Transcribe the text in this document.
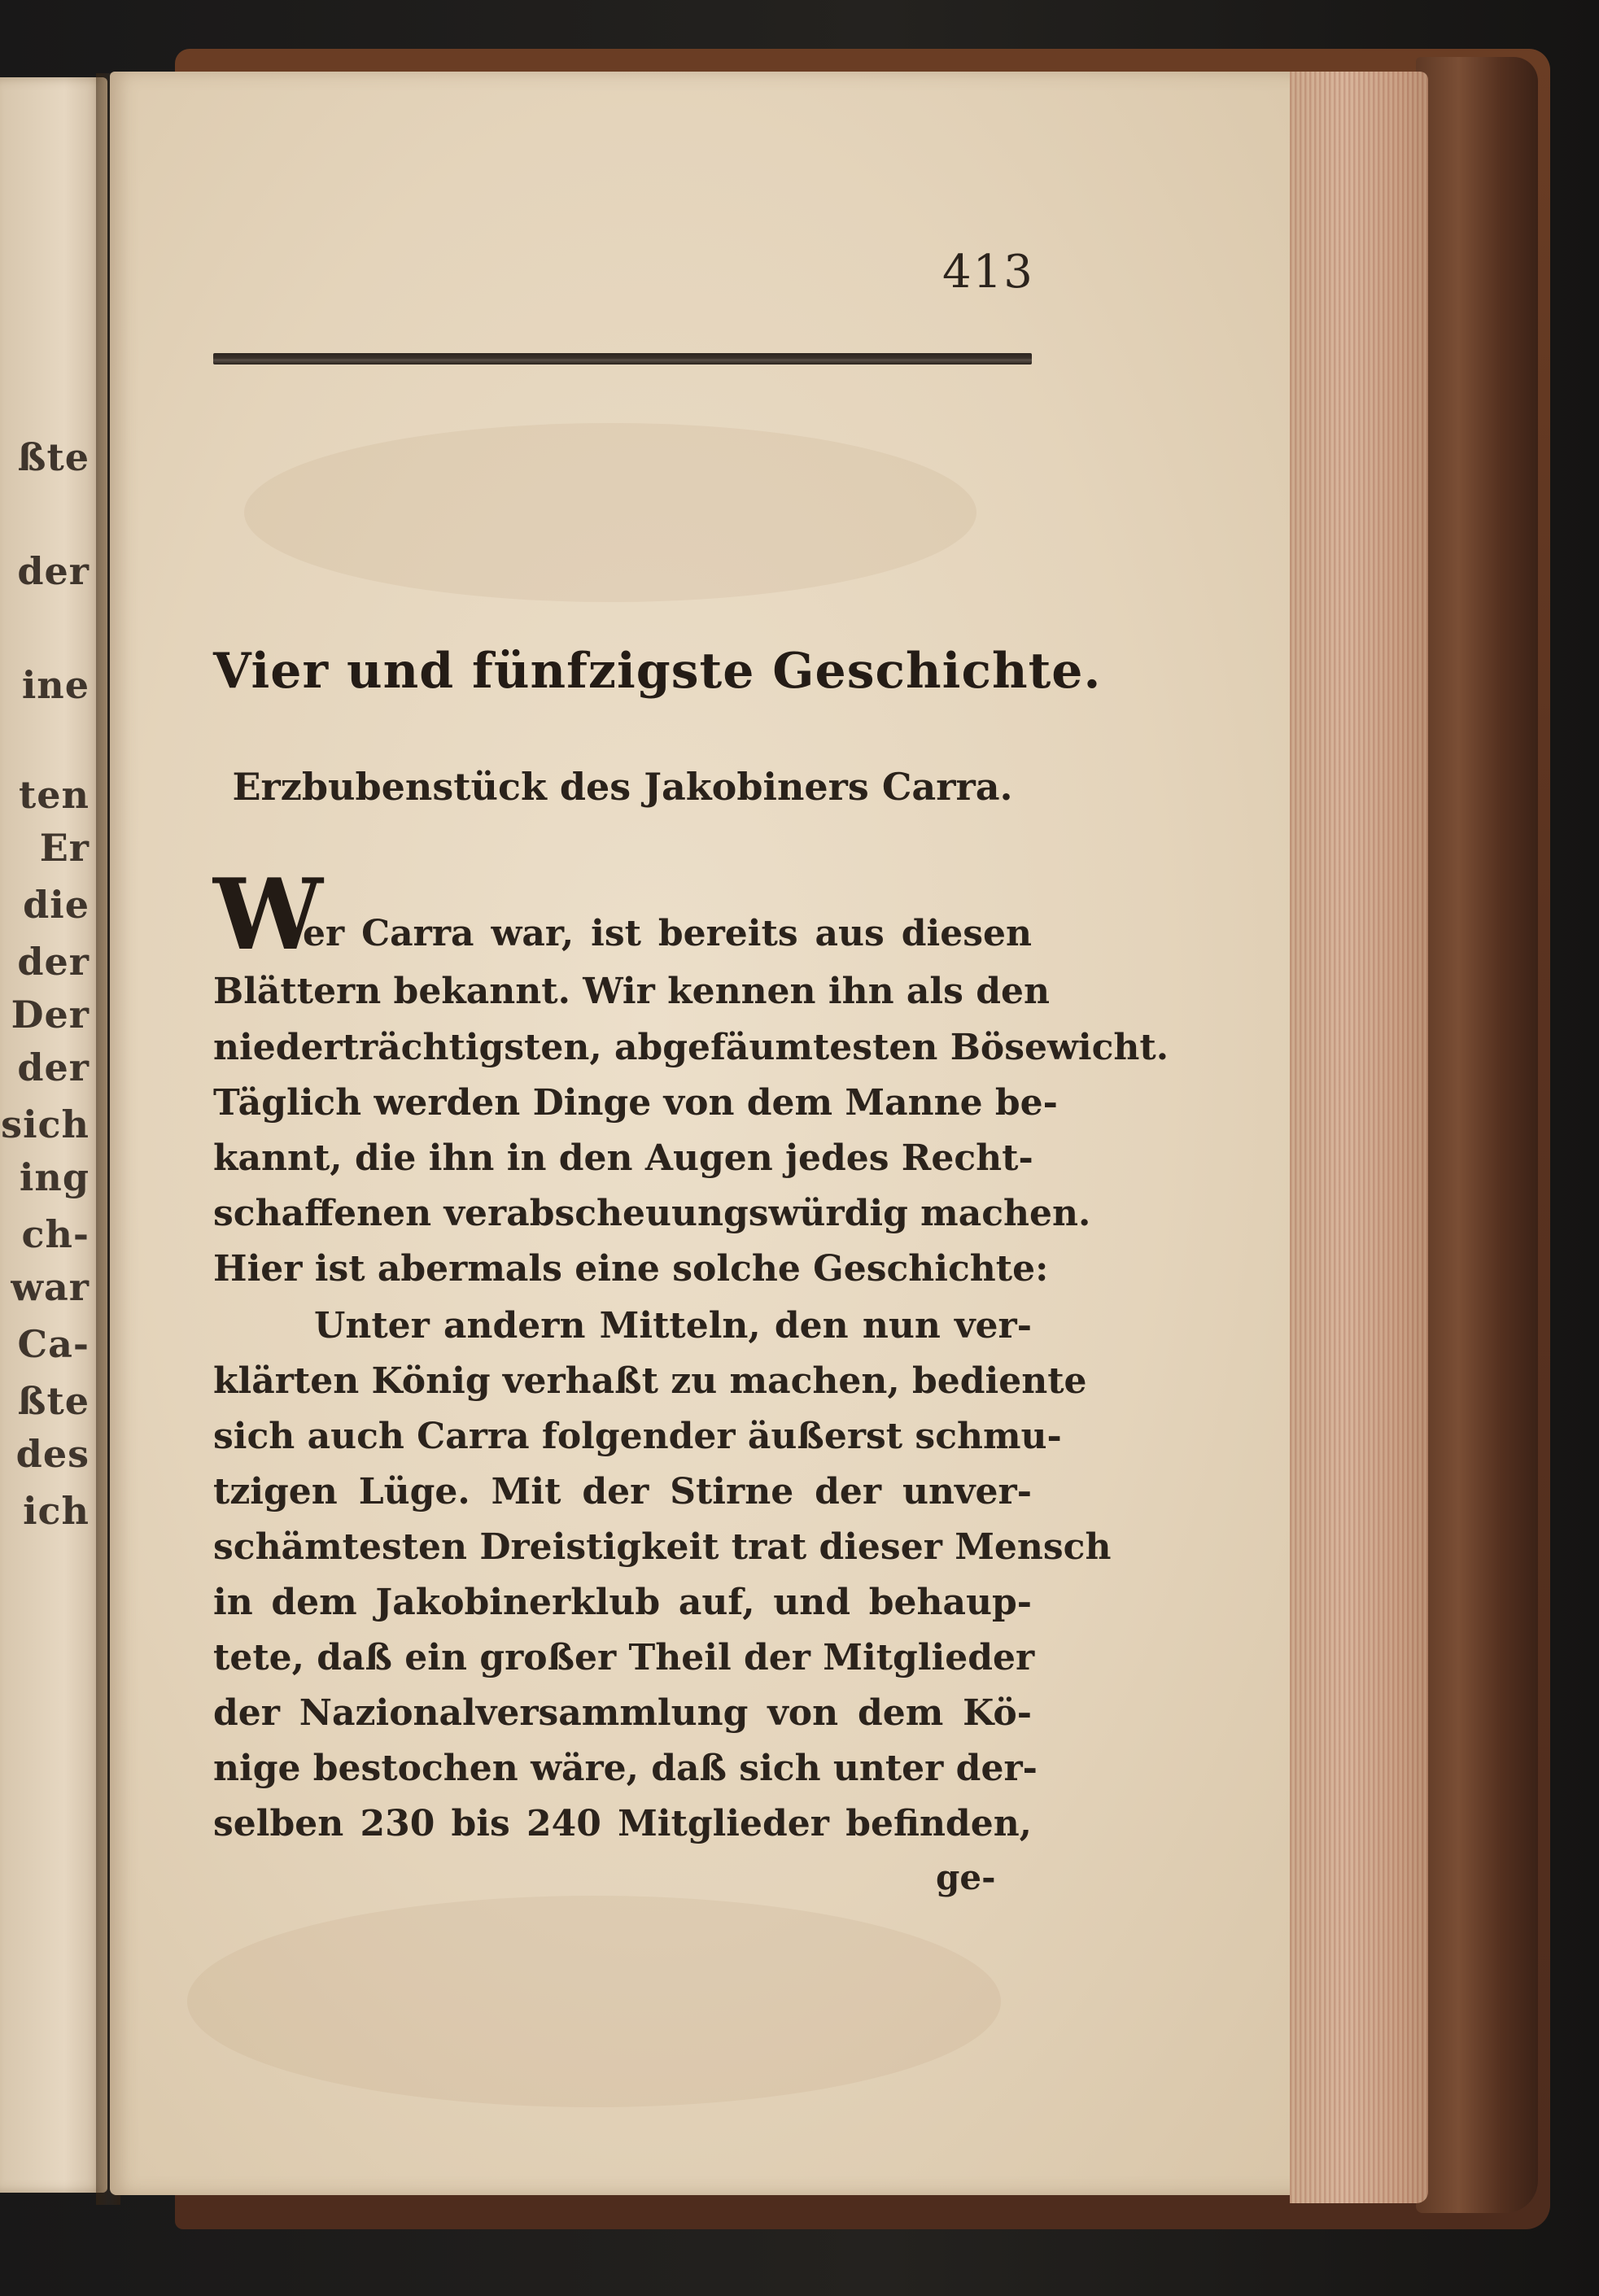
ßte
der
ine
ten
Er
die
der
Der
der
sich
ing
ch-
war
Ca-
ßte
des
ich
413
Vier und fünfzigste Geschichte.
Erzbubenstück des Jakobiners Carra.
W
er Carra war, ist bereits aus diesen
Blättern bekannt. Wir kennen ihn als den
niederträchtigsten, abgefäumtesten Bösewicht.
Täglich werden Dinge von dem Manne be-
kannt, die ihn in den Augen jedes Recht-
schaffenen verabscheuungswürdig machen.
Hier ist abermals eine solche Geschichte:
Unter andern Mitteln, den nun ver-
klärten König verhaßt zu machen, bediente
sich auch Carra folgender äußerst schmu-
tzigen Lüge. Mit der Stirne der unver-
schämtesten Dreistigkeit trat dieser Mensch
in dem Jakobinerklub auf, und behaup-
tete, daß ein großer Theil der Mitglieder
der Nazionalversammlung von dem Kö-
nige bestochen wäre, daß sich unter der-
selben 230 bis 240 Mitglieder befinden,
ge-
